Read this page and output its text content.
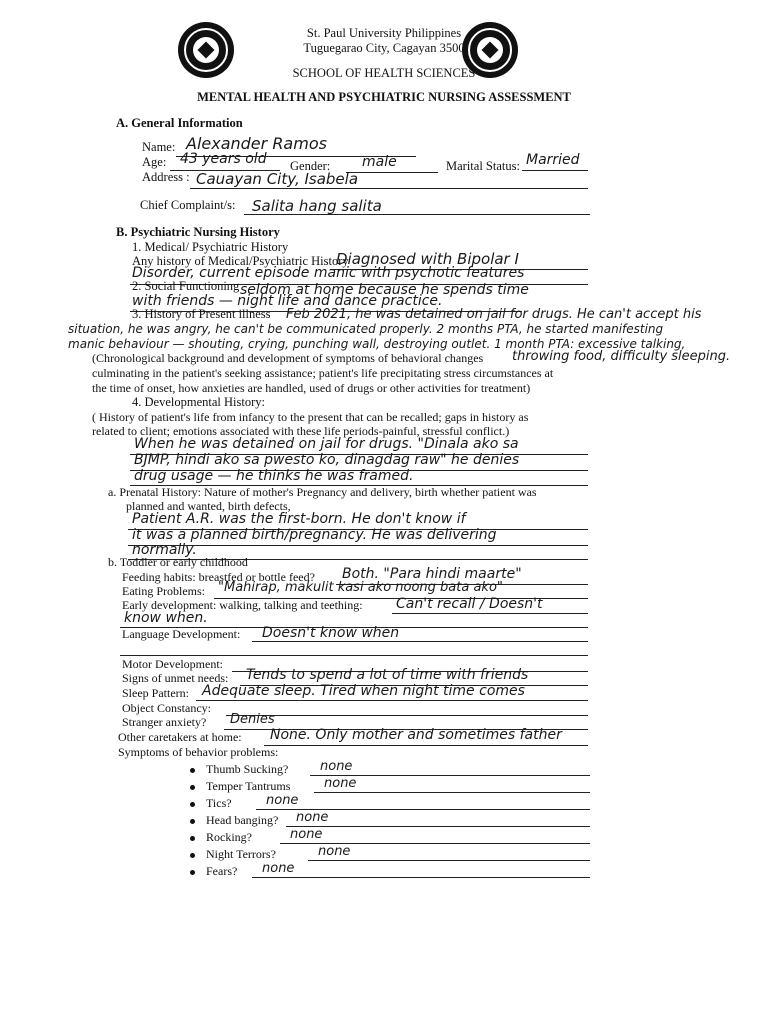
St. Paul University Philippines
Tuguegarao City, Cagayan 3500
SCHOOL OF HEALTH SCIENCES
MENTAL HEALTH AND PSYCHIATRIC NURSING ASSESSMENT
A. General Information
Name: Alexander Ramos
Age: 43 years old Gender: male	Marital Status: Married
Address : Cauayan City, Isabela
Chief Complaint/s: Salita hang salita
B. Psychiatric Nursing History
1. Medical/ Psychiatric History
Any history of Medical/Psychiatric History
Diagnosed with Bipolar I
Disorder, current episode manic with psychotic features
2. Social Functioning seldom at home because he spends time
with friends — night life and dance practice.
3. History of Present illness Feb 2021, he was detained on jail for drugs. He can't accept his
situation, he was angry, he can't be communicated properly. 2 months PTA, he started manifesting
manic behaviour — shouting, crying, punching wall, destroying outlet. 1 month PTA: excessive talking,
(Chronological background and development of symptoms of behavioral changes throwing food, difficulty sleeping.
culminating in the patient's seeking assistance; patient's life precipitating stress circumstances at
the time of onset, how anxieties are handled, used of drugs or other activities for treatment)
4. Developmental History:
( History of patient's life from infancy to the present that can be recalled; gaps in history as
related to client; emotions associated with these life periods-painful, stressful conflict.)
When he was detained on jail for drugs. "Dinala ako sa
BJMP, hindi ako sa pwesto ko, dinagdag raw" he denies
drug usage — he thinks he was framed.
a. Prenatal History: Nature of mother's Pregnancy and delivery, birth whether patient was
planned and wanted, birth defects,
Patient A.R. was the first-born. He don't know if
it was a planned birth/pregnancy. He was delivering
normally.
b. Toddler or early childhood
Feeding habits: breastfed or bottle feed? Both. "Para hindi maarte"
Eating Problems: "Mahirap, makulit kasi ako noong bata ako"
Early development: walking, talking and teething: Can't recall / Doesn't
know when.
Language Development: Doesn't know when
Motor Development:
Signs of unmet needs: Tends to spend a lot of time with friends
Sleep Pattern: Adequate sleep. Tired when night time comes
Object Constancy:
Stranger anxiety? Denies
Other caretakers at home: None. Only mother and sometimes father
Symptoms of behavior problems:
Thumb Sucking? none
Temper Tantrums	none
Tics?	none
Head banging? none
Rocking?	none
Night Terrors?	none
Fears? none
